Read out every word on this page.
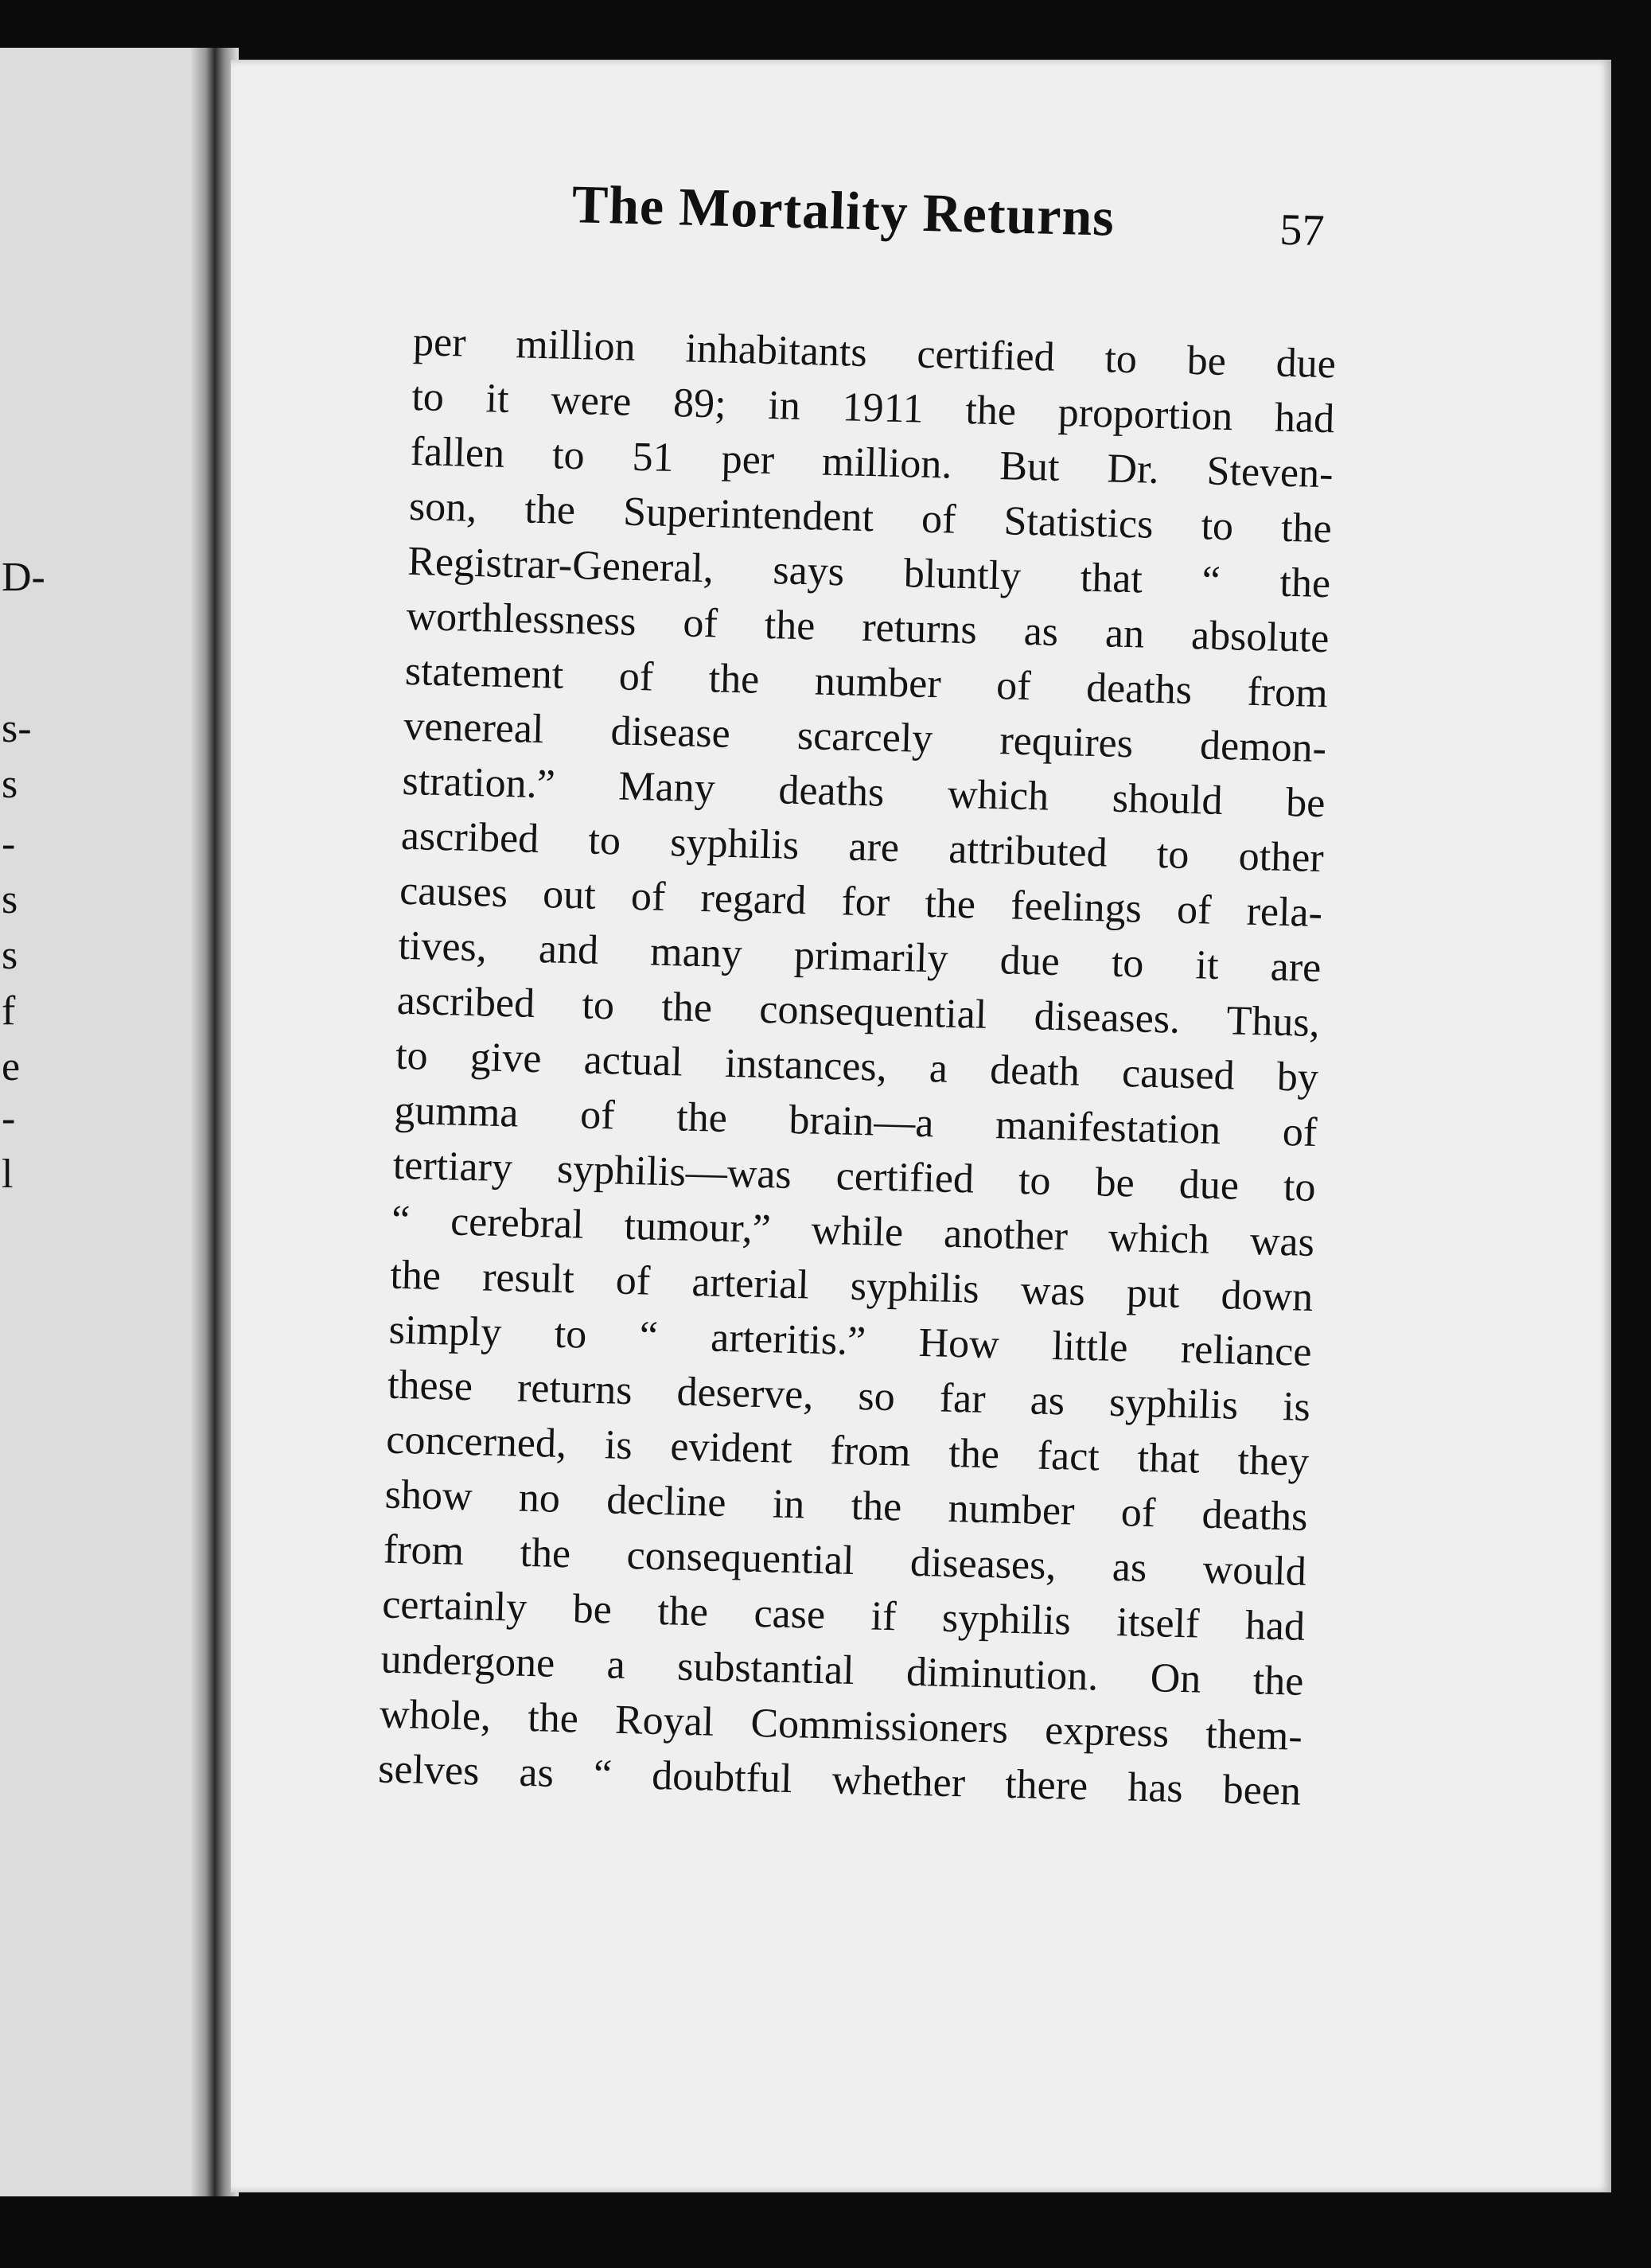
D-
s-
s
-
s
s
f
e
-
l
The Mortality Returns	57
per million inhabitants certified to be due
to it were 89; in 1911 the proportion had
fallen to 51 per million. But Dr. Steven-
son, the Superintendent of Statistics to the
Registrar-General, says bluntly that “ the
worthlessness of the returns as an absolute
statement of the number of deaths from
venereal disease scarcely requires demon-
stration.” Many deaths which should be
ascribed to syphilis are attributed to other
causes out of regard for the feelings of rela-
tives, and many primarily due to it are
ascribed to the consequential diseases. Thus,
to give actual instances, a death caused by
gumma of the brain—a manifestation of
tertiary syphilis—was certified to be due to
“ cerebral tumour,” while another which was
the result of arterial syphilis was put down
simply to “ arteritis.” How little reliance
these returns deserve, so far as syphilis is
concerned, is evident from the fact that they
show no decline in the number of deaths
from the consequential diseases, as would
certainly be the case if syphilis itself had
undergone a substantial diminution. On the
whole, the Royal Commissioners express them-
selves as “ doubtful whether there has been
